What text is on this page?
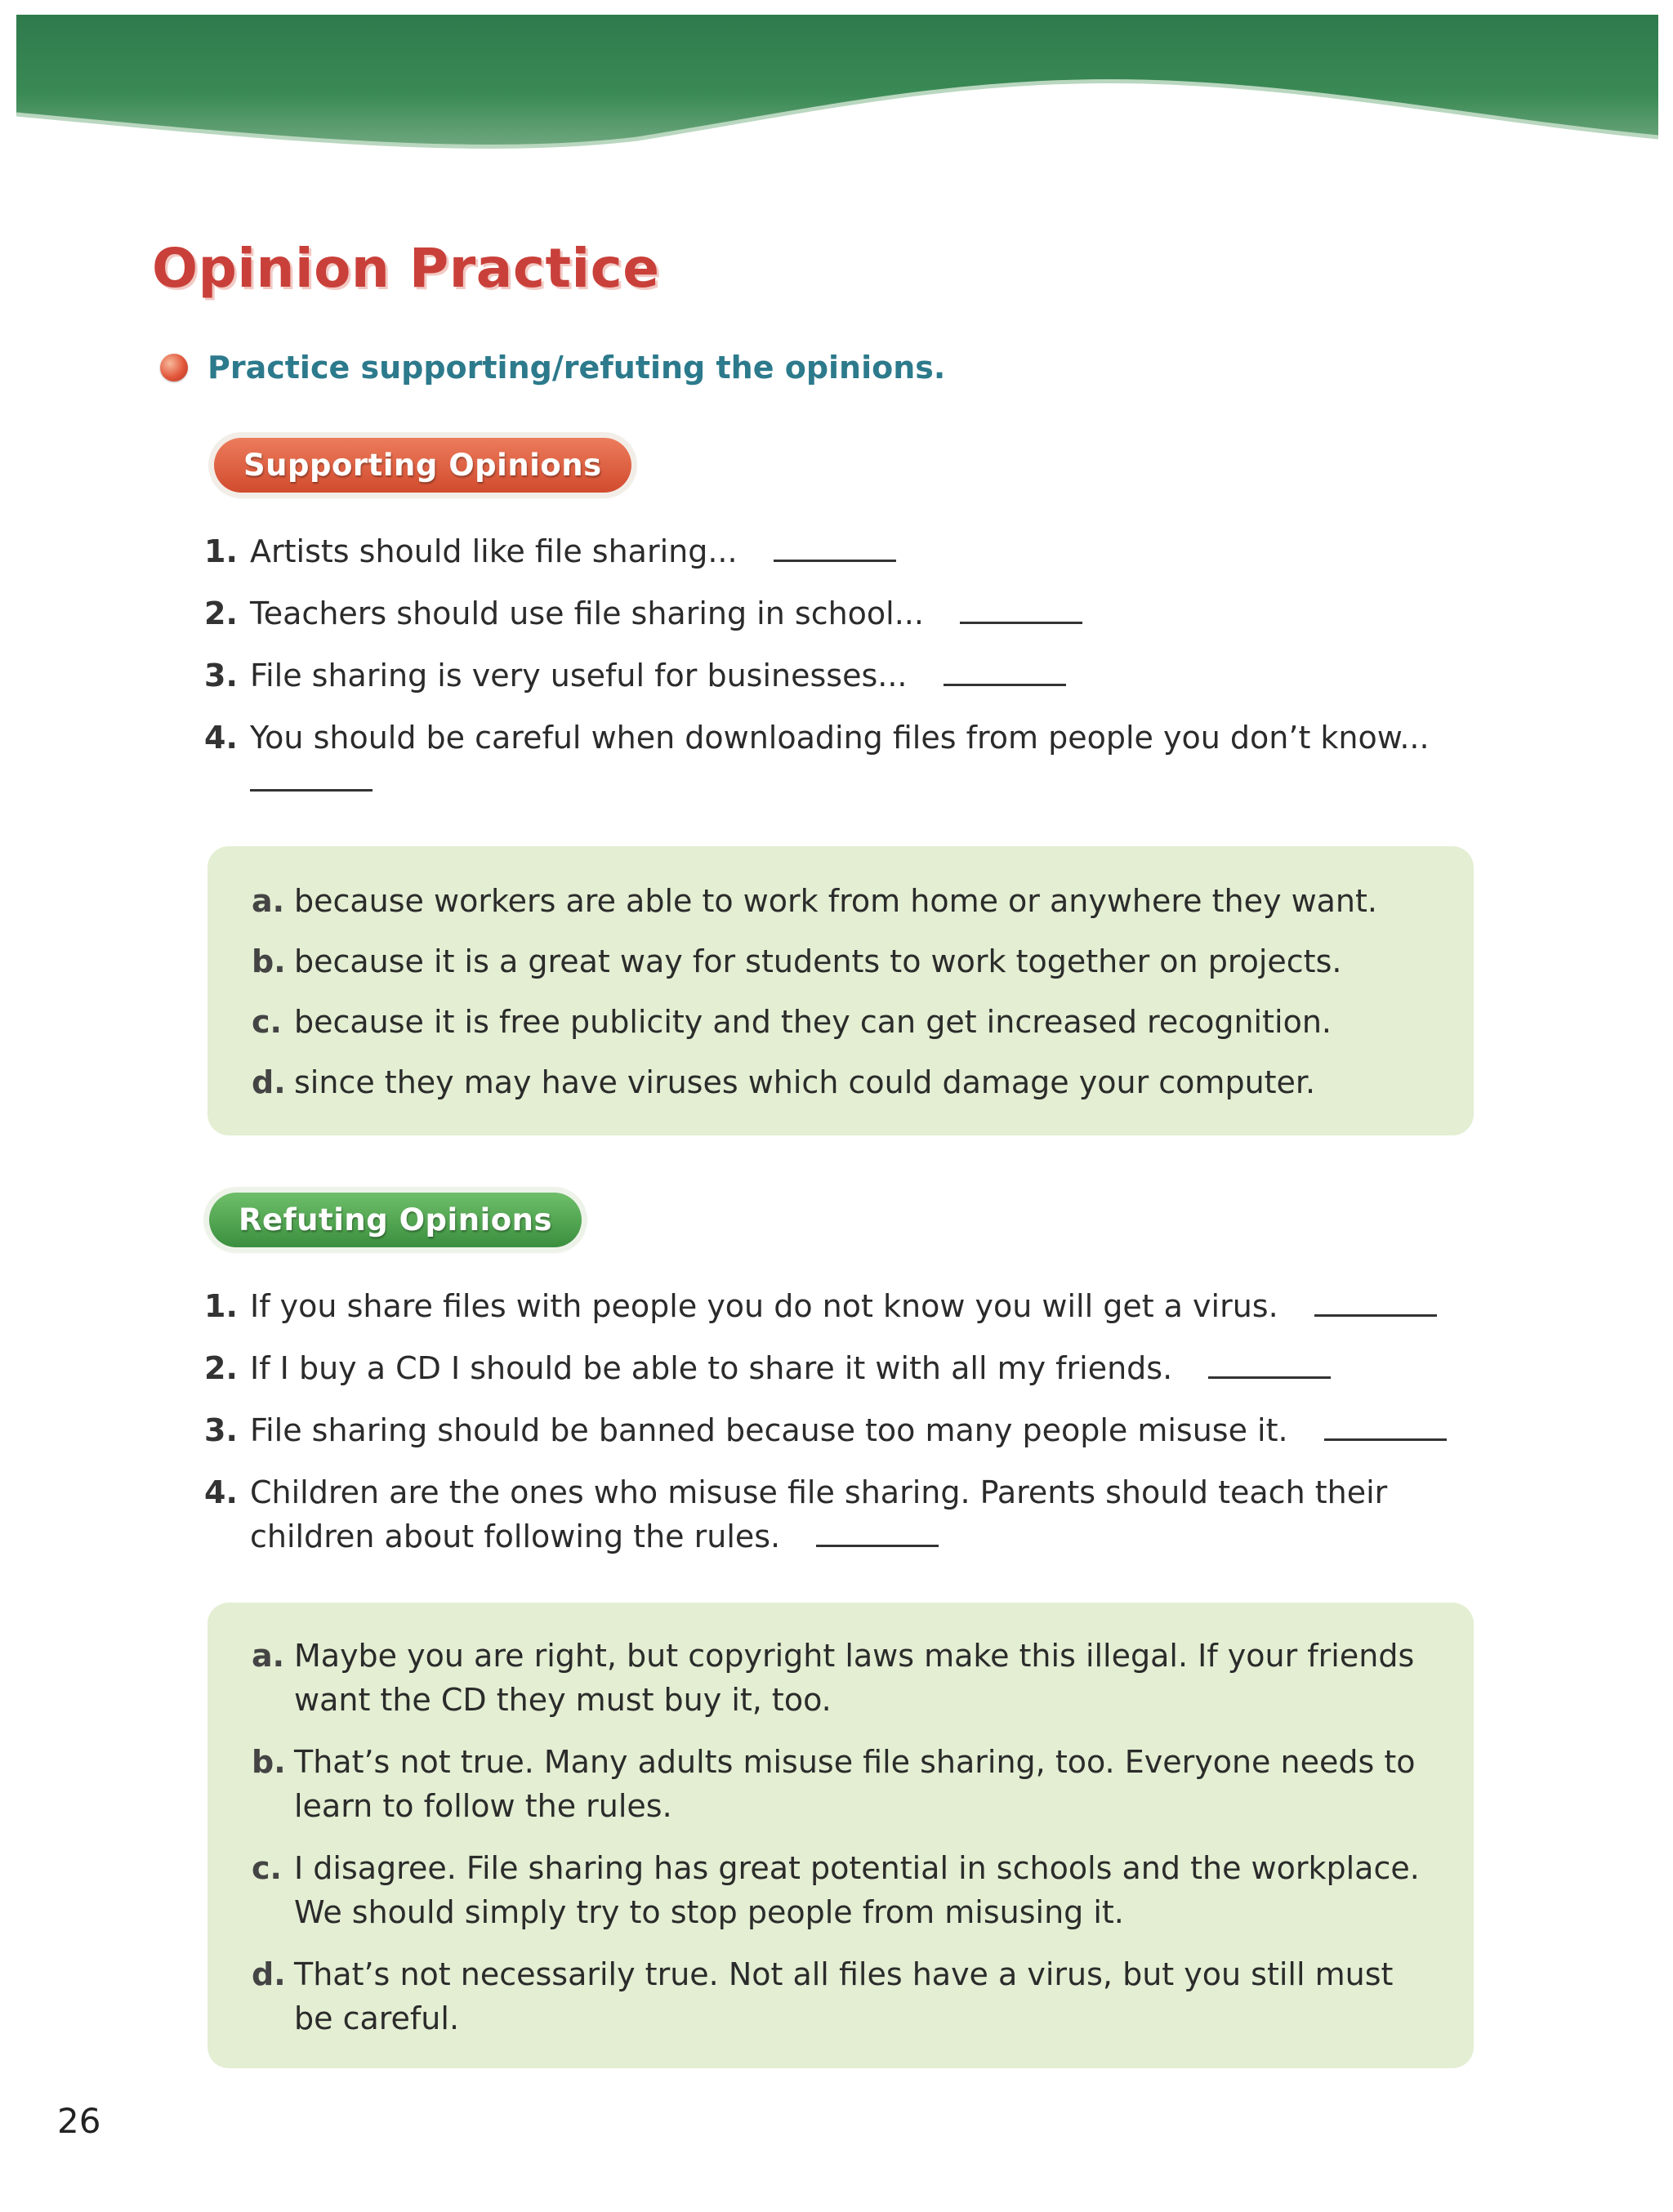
Opinion Practice
Practice supporting/refuting the opinions.
Supporting Opinions
1. Artists should like file sharing...
2. Teachers should use file sharing in school...
3. File sharing is very useful for businesses...
4. You should be careful when downloading files from people you don’t know...
a. because workers are able to work from home or anywhere they want.
b. because it is a great way for students to work together on projects.
c. because it is free publicity and they can get increased recognition.
d. since they may have viruses which could damage your computer.
Refuting Opinions
1. If you share files with people you do not know you will get a virus.
2. If I buy a CD I should be able to share it with all my friends.
3. File sharing should be banned because too many people misuse it.
4. Children are the ones who misuse file sharing. Parents should teach their children about following the rules.
a. Maybe you are right, but copyright laws make this illegal. If your friends want the CD they must buy it, too.
b. That’s not true. Many adults misuse file sharing, too. Everyone needs to learn to follow the rules.
c. I disagree. File sharing has great potential in schools and the workplace. We should simply try to stop people from misusing it.
d. That’s not necessarily true. Not all files have a virus, but you still must be careful.
26
